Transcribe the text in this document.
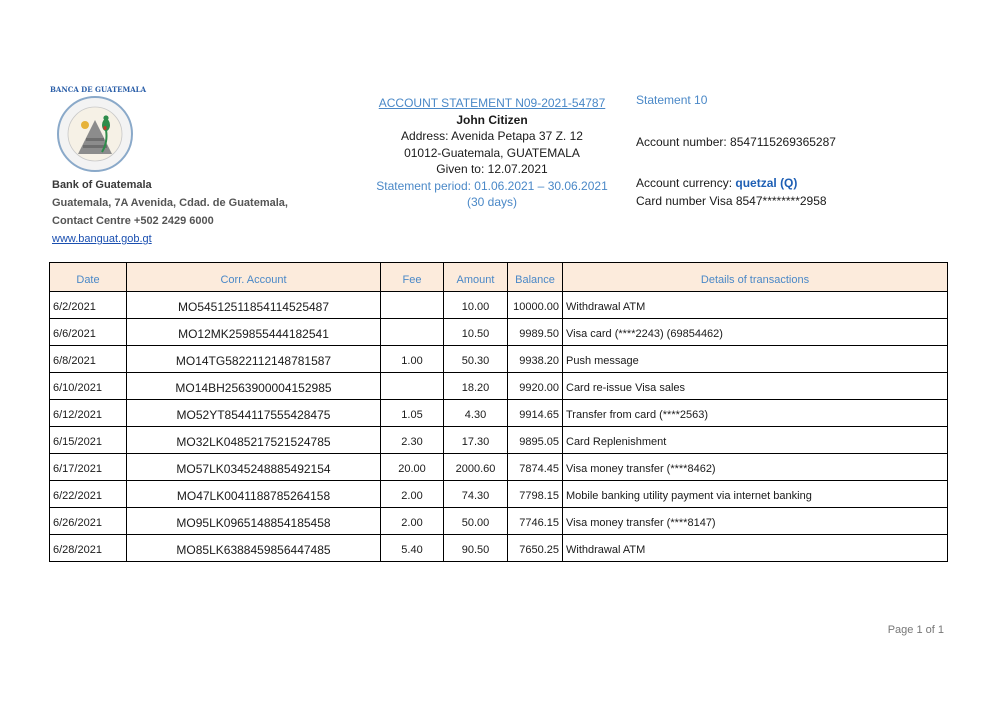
BANCA DE GUATEMALA
Bank of Guatemala
Guatemala, 7A Avenida, Cdad. de Guatemala,
Contact Centre +502 2429 6000
www.banguat.gob.gt
ACCOUNT STATEMENT N09-2021-54787
John Citizen
Address: Avenida Petapa 37 Z. 12
01012-Guatemala, GUATEMALA
Given to: 12.07.2021
Statement period: 01.06.2021 – 30.06.2021
(30 days)
Statement 10
Account number: 8547115269365287
Account currency: quetzal (Q)
Card number Visa 8547********2958
Date	Corr. Account	Fee	Amount	Balance	Details of transactions
6/2/2021	MO54512511854114525487		10.00	10000.00	Withdrawal ATM
6/6/2021	MO12MK259855444182541		10.50	9989.50	Visa card (****2243) (69854462)
6/8/2021	MO14TG5822112148781587	1.00	50.30	9938.20	Push message
6/10/2021	MO14BH2563900004152985		18.20	9920.00	Card re-issue Visa sales
6/12/2021	MO52YT8544117555428475	1.05	4.30	9914.65	Transfer from card (****2563)
6/15/2021	MO32LK0485217521524785	2.30	17.30	9895.05	Card Replenishment
6/17/2021	MO57LK0345248885492154	20.00	2000.60	7874.45	Visa money transfer (****8462)
6/22/2021	MO47LK0041188785264158	2.00	74.30	7798.15	Mobile banking utility payment via internet banking
6/26/2021	MO95LK0965148854185458	2.00	50.00	7746.15	Visa money transfer (****8147)
6/28/2021	MO85LK6388459856447485	5.40	90.50	7650.25	Withdrawal ATM
Page 1 of 1
